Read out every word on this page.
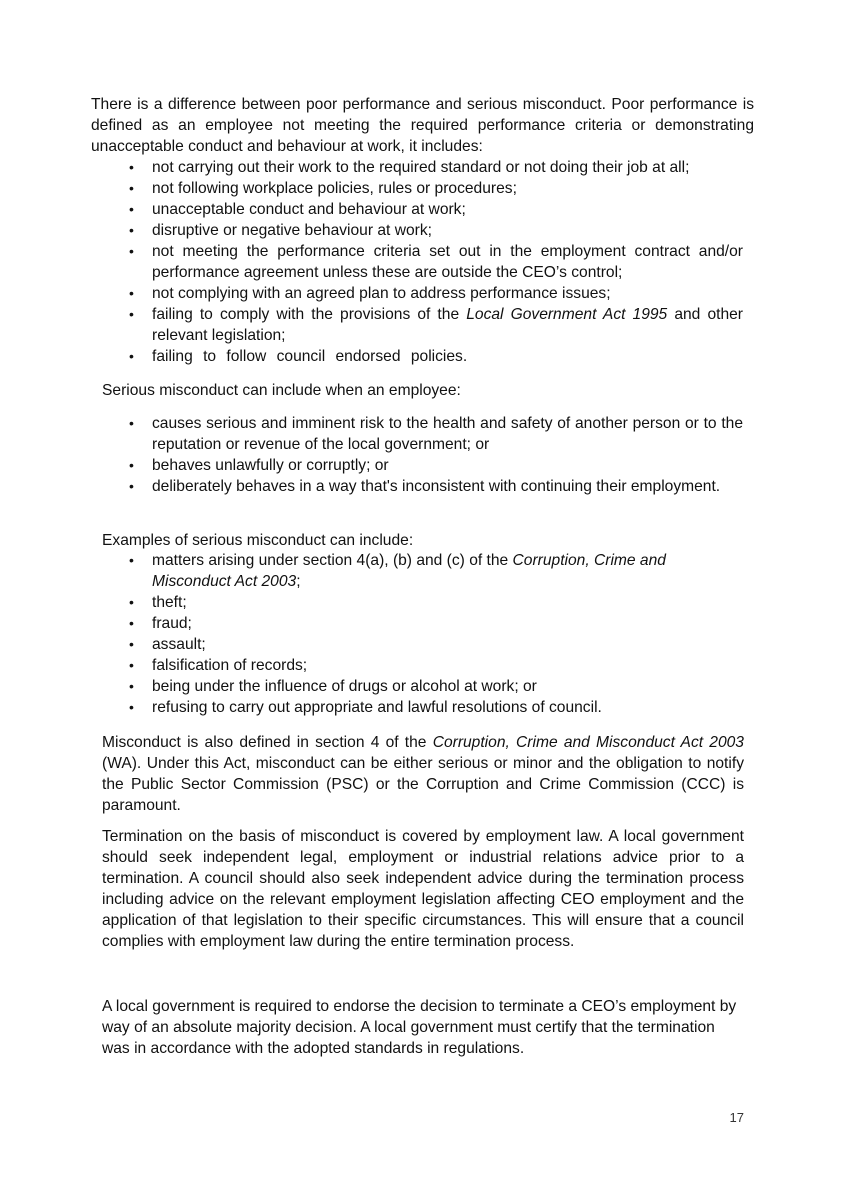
There is a difference between poor performance and serious misconduct. Poor performance is defined as an employee not meeting the required performance criteria or demonstrating unacceptable conduct and behaviour at work, it includes:

• not carrying out their work to the required standard or not doing their job at all;
• not following workplace policies, rules or procedures;
• unacceptable conduct and behaviour at work;
• disruptive or negative behaviour at work;
• not meeting the performance criteria set out in the employment contract and/or performance agreement unless these are outside the CEO’s control;
• not complying with an agreed plan to address performance issues;
• failing to comply with the provisions of the Local Government Act 1995 and other relevant legislation;
• failing to follow council endorsed policies.

Serious misconduct can include when an employee:

• causes serious and imminent risk to the health and safety of another person or to the reputation or revenue of the local government; or
• behaves unlawfully or corruptly; or
• deliberately behaves in a way that's inconsistent with continuing their employment.

Examples of serious misconduct can include:

• matters arising under section 4(a), (b) and (c) of the Corruption, Crime and Misconduct Act 2003;
• theft;
• fraud;
• assault;
• falsification of records;
• being under the influence of drugs or alcohol at work; or
• refusing to carry out appropriate and lawful resolutions of council.

Misconduct is also defined in section 4 of the Corruption, Crime and Misconduct Act 2003 (WA). Under this Act, misconduct can be either serious or minor and the obligation to notify the Public Sector Commission (PSC) or the Corruption and Crime Commission (CCC) is paramount.

Termination on the basis of misconduct is covered by employment law. A local government should seek independent legal, employment or industrial relations advice prior to a termination. A council should also seek independent advice during the termination process including advice on the relevant employment legislation affecting CEO employment and the application of that legislation to their specific circumstances. This will ensure that a council complies with employment law during the entire termination process.

A local government is required to endorse the decision to terminate a CEO’s employment by way of an absolute majority decision. A local government must certify that the termination was in accordance with the adopted standards in regulations.

17
